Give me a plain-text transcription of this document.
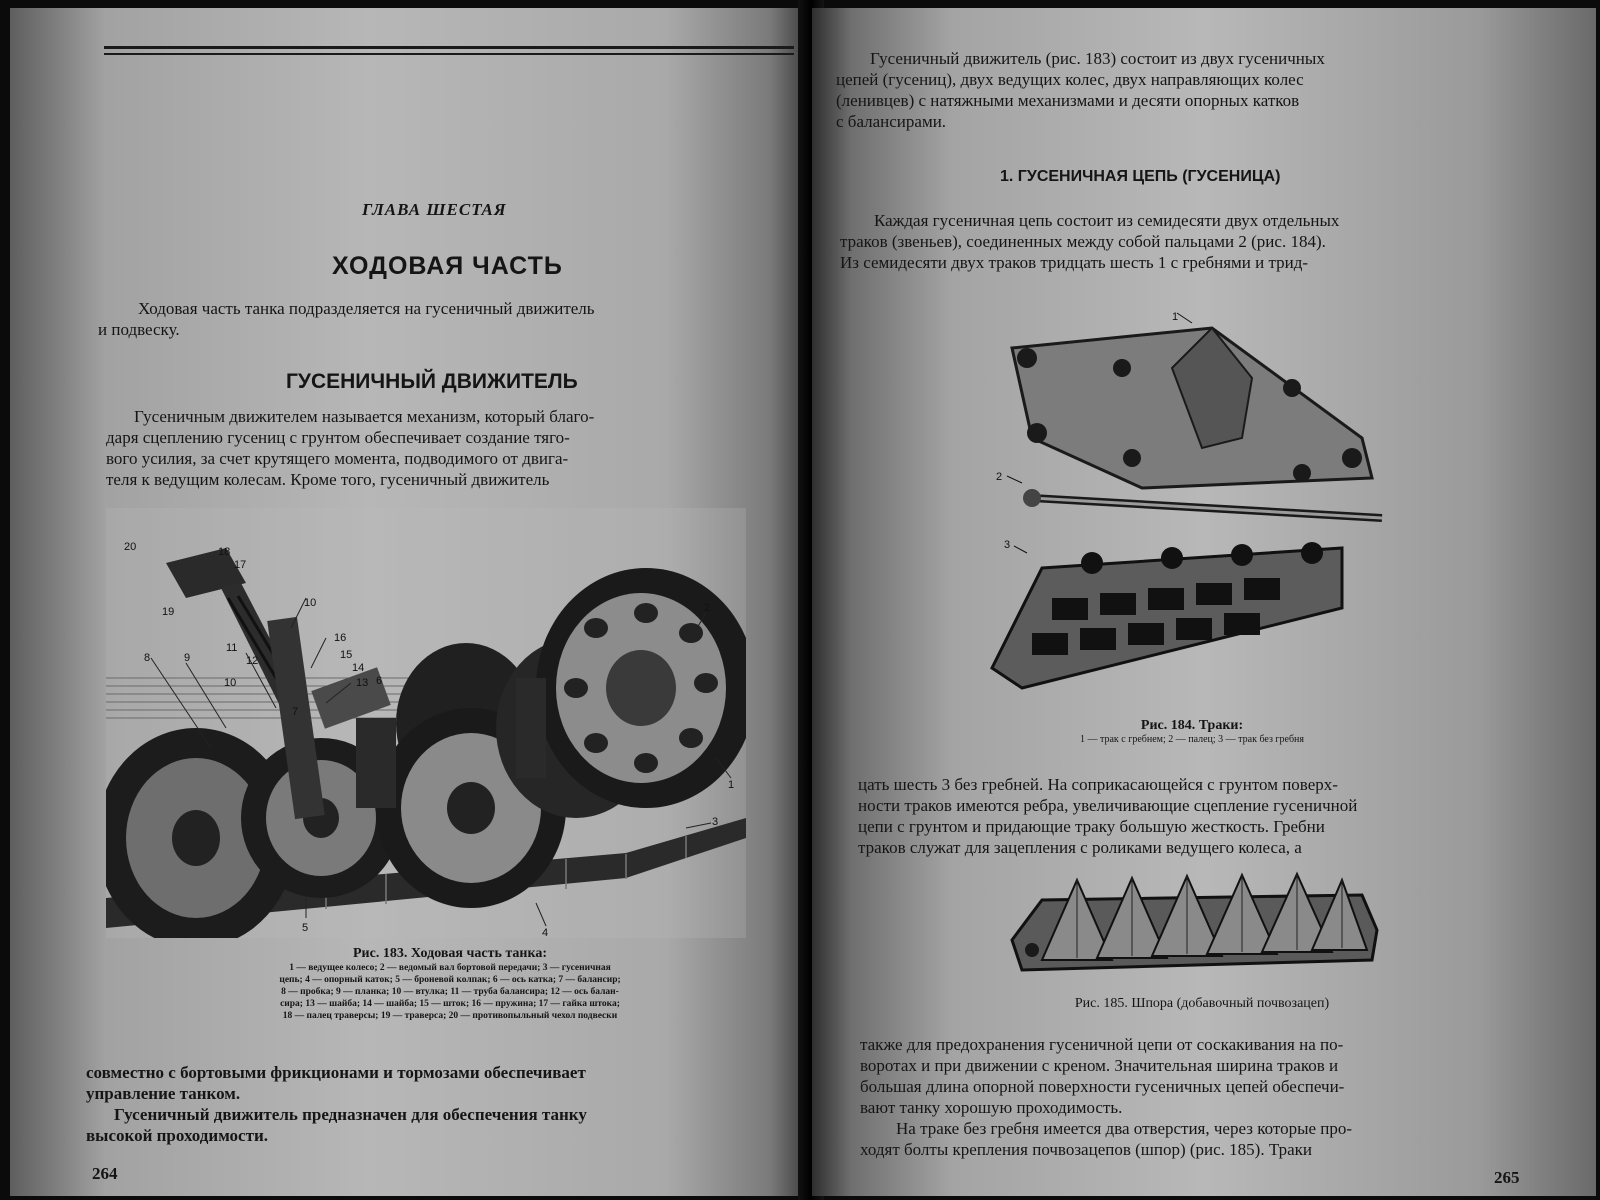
ГЛАВА ШЕСТАЯ
ХОДОВАЯ ЧАСТЬ
Ходовая часть танка подразделяется на гусеничный движитель
и подвеску.
ГУСЕНИЧНЫЙ ДВИЖИТЕЛЬ
Гусеничным движителем называется механизм, который благо-
даря сцеплению гусениц с грунтом обеспечивает создание тяго-
вого усилия, за счет крутящего момента, подводимого от двига-
теля к ведущим колесам. Кроме того, гусеничный движитель
20	18
17
19
10
16
15
14
13 6
12
11
9
8
10
7
2
1
3
5	4
Рис. 183. Ходовая часть танка:
1 — ведущее колесо; 2 — ведомый вал бортовой передачи; 3 — гусеничная
цепь; 4 — опорный каток; 5 — броневой колпак; 6 — ось катка; 7 — балансир;
8 — пробка; 9 — планка; 10 — втулка; 11 — труба балансира; 12 — ось балан-
сира; 13 — шайба; 14 — шайба; 15 — шток; 16 — пружина; 17 — гайка штока;
18 — палец траверсы; 19 — траверса; 20 — противопыльный чехол подвески
совместно с бортовыми фрикционами и тормозами обеспечивает
управление танком.
Гусеничный движитель предназначен для обеспечения танку
высокой проходимости.
264
Гусеничный движитель (рис. 183) состоит из двух гусеничных
цепей (гусениц), двух ведущих колес, двух направляющих колес
(ленивцев) с натяжными механизмами и десяти опорных катков
с балансирами.
1. ГУСЕНИЧНАЯ ЦЕПЬ (ГУСЕНИЦА)
Каждая гусеничная цепь состоит из семидесяти двух отдельных
траков (звеньев), соединенных между собой пальцами 2 (рис. 184).
Из семидесяти двух траков тридцать шесть 1 с гребнями и трид-
1
2
3
Рис. 184. Траки:
1 — трак с гребнем; 2 — палец; 3 — трак без гребня
цать шесть 3 без гребней. На соприкасающейся с грунтом поверх-
ности траков имеются ребра, увеличивающие сцепление гусеничной
цепи с грунтом и придающие траку большую жесткость. Гребни
траков служат для зацепления с роликами ведущего колеса, а
Рис. 185. Шпора (добавочный почвозацеп)
также для предохранения гусеничной цепи от соскакивания на по-
воротах и при движении с креном. Значительная ширина траков и
большая длина опорной поверхности гусеничных цепей обеспечи-
вают танку хорошую проходимость.
На траке без гребня имеется два отверстия, через которые про-
ходят болты крепления почвозацепов (шпор) (рис. 185). Траки
265
